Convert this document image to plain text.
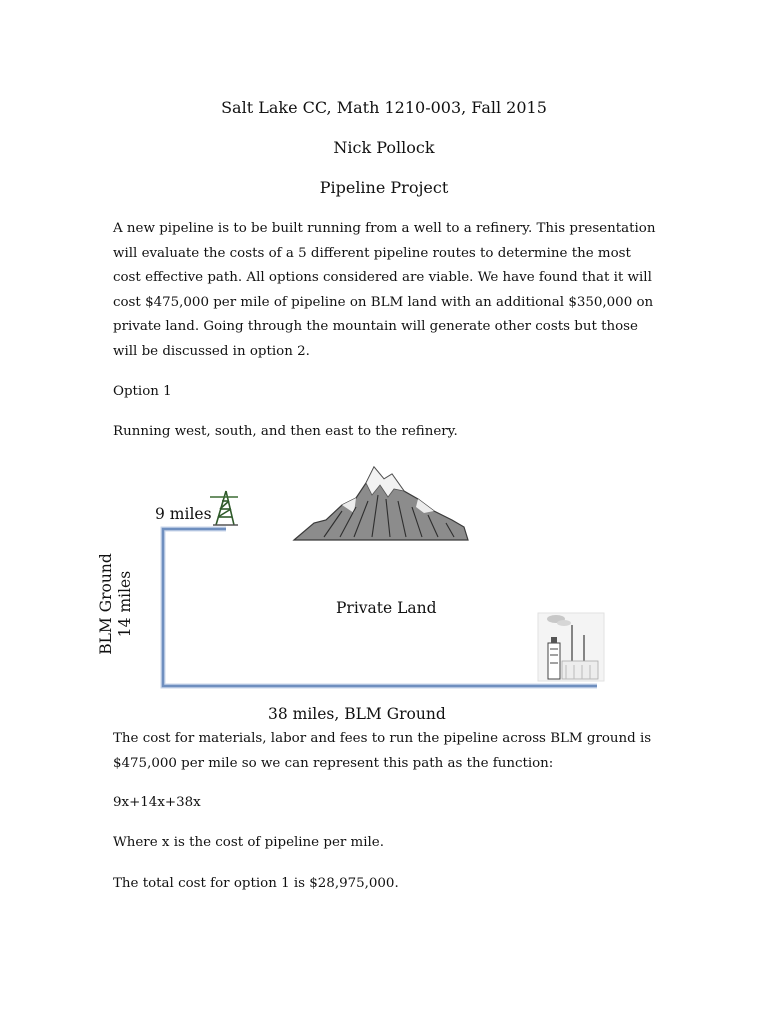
Salt Lake CC, Math 1210-003, Fall 2015

Nick Pollock

Pipeline Project

A new pipeline is to be built running from a well to a refinery. This presentation will evaluate the costs of a 5 different pipeline routes to determine the most cost effective path. All options considered are viable. We have found that it will cost $475,000 per mile of pipeline on BLM land with an additional $350,000 on private land. Going through the mountain will generate other costs but those will be discussed in option 2.

Option 1

Running west, south, and then east to the refinery.

9 miles
BLM Ground 14 miles	Private Land
38 miles, BLM Ground

The cost for materials, labor and fees to run the pipeline across BLM ground is $475,000 per mile so we can represent this path as the function:

9x+14x+38x

Where x is the cost of pipeline per mile.

The total cost for option 1 is $28,975,000.
